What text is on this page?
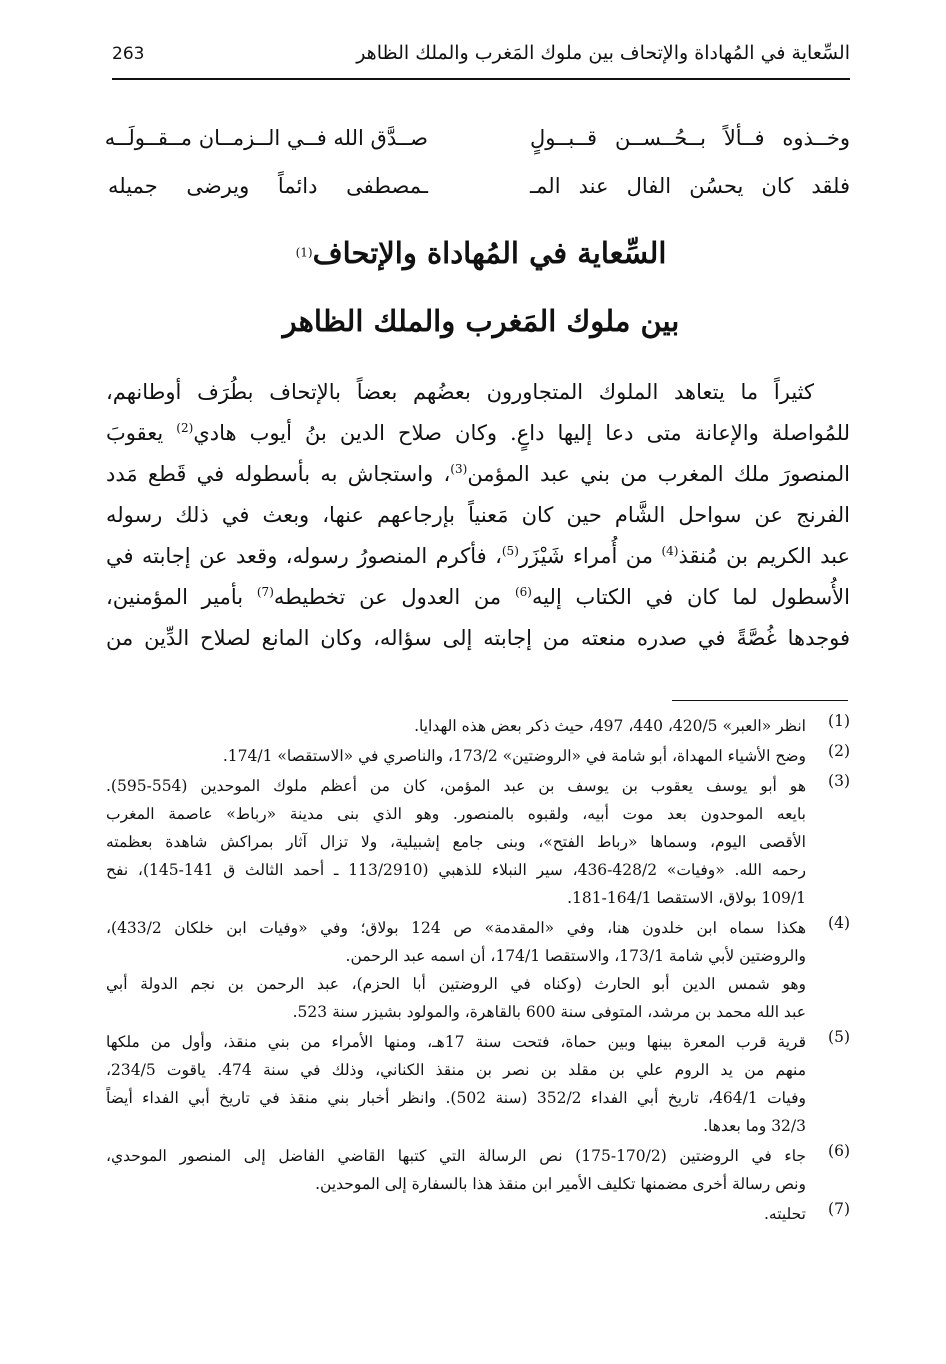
263	السِّعاية في المُهاداة والإتحاف بين ملوك المَغرب والملك الظاهر
وخــذوه فــألاً بــحُــســن قــبــولٍ
صــدَّق الله فــي الــزمــان مــقــولَــه
فلقد كان يحسُن الفال عند المـ
ـمصطفى دائماً ويرضى جميله
السِّعاية في المُهاداة والإتحاف$^{(1)}$
بين ملوك المَغرب والملك الظاهر
كثيراً ما يتعاهد الملوك المتجاورون بعضُهم بعضاً بالإتحاف بطُرَف أوطانهم،
للمُواصلة والإعانة متى دعا إليها داعٍ. وكان صلاح الدين بنُ أيوب هادي$^{(2)}$ يعقوبَ
المنصورَ ملك المغرب من بني عبد المؤمن$^{(3)}$، واستجاش به بأسطوله في قَطع مَدد
الفرنج عن سواحل الشَّام حين كان مَعنياً بإرجاعهم عنها، وبعث في ذلك رسوله
عبد الكريم بن مُنقذ$^{(4)}$ من أُمراء شَيْزَر$^{(5)}$، فأكرم المنصورُ رسوله، وقعد عن إجابته في
الأُسطول لما كان في الكتاب إليه$^{(6)}$ من العدول عن تخطيطه$^{(7)}$ بأمير المؤمنين،
فوجدها غُصَّةً في صدره منعته من إجابته إلى سؤاله، وكان المانع لصلاح الدِّين من
(1)
انظر «العبر» 420/5، 440، 497، حيث ذكر بعض هذه الهدايا.
(2)
وضح الأشياء المهداة، أبو شامة في «الروضتين» 173/2، والناصري في «الاستقصا» 174/1.
(3)
هو أبو يوسف يعقوب بن يوسف بن عبد المؤمن، كان من أعظم ملوك الموحدين (554-595).
بايعه الموحدون بعد موت أبيه، ولقبوه بالمنصور. وهو الذي بنى مدينة «رباط» عاصمة المغرب
الأقصى اليوم، وسماها «رباط الفتح»، وبنى جامع إشبيلية، ولا تزال آثار بمراكش شاهدة بعظمته
رحمه الله. «وفيات» 428/2-436، سير النبلاء للذهبي (113/2910 ـ أحمد الثالث ق 141-145)، نفح
109/1 بولاق، الاستقصا 164/1-181.
(4)
هكذا سماه ابن خلدون هنا، وفي «المقدمة» ص 124 بولاق؛ وفي «وفيات ابن خلكان 433/2)،
والروضتين لأبي شامة 173/1، والاستقصا 174/1، أن اسمه عبد الرحمن.
وهو شمس الدين أبو الحارث (وكناه في الروضتين أبا الحزم)، عبد الرحمن بن نجم الدولة أبي
عبد الله محمد بن مرشد، المتوفى سنة 600 بالقاهرة، والمولود بشيزر سنة 523.
(5)
قرية قرب المعرة بينها وبين حماة، فتحت سنة 17هـ، ومنها الأمراء من بني منقذ، وأول من ملكها
منهم من يد الروم علي بن مقلد بن نصر بن منقذ الكناني، وذلك في سنة 474. ياقوت 234/5،
وفيات 464/1، تاريخ أبي الفداء 352/2 (سنة 502). وانظر أخبار بني منقذ في تاريخ أبي الفداء أيضاً
32/3 وما بعدها.
(6)
جاء في الروضتين (170/2-175) نص الرسالة التي كتبها القاضي الفاضل إلى المنصور الموحدي،
ونص رسالة أخرى مضمنها تكليف الأمير ابن منقذ هذا بالسفارة إلى الموحدين.
(7)
تحليته.
